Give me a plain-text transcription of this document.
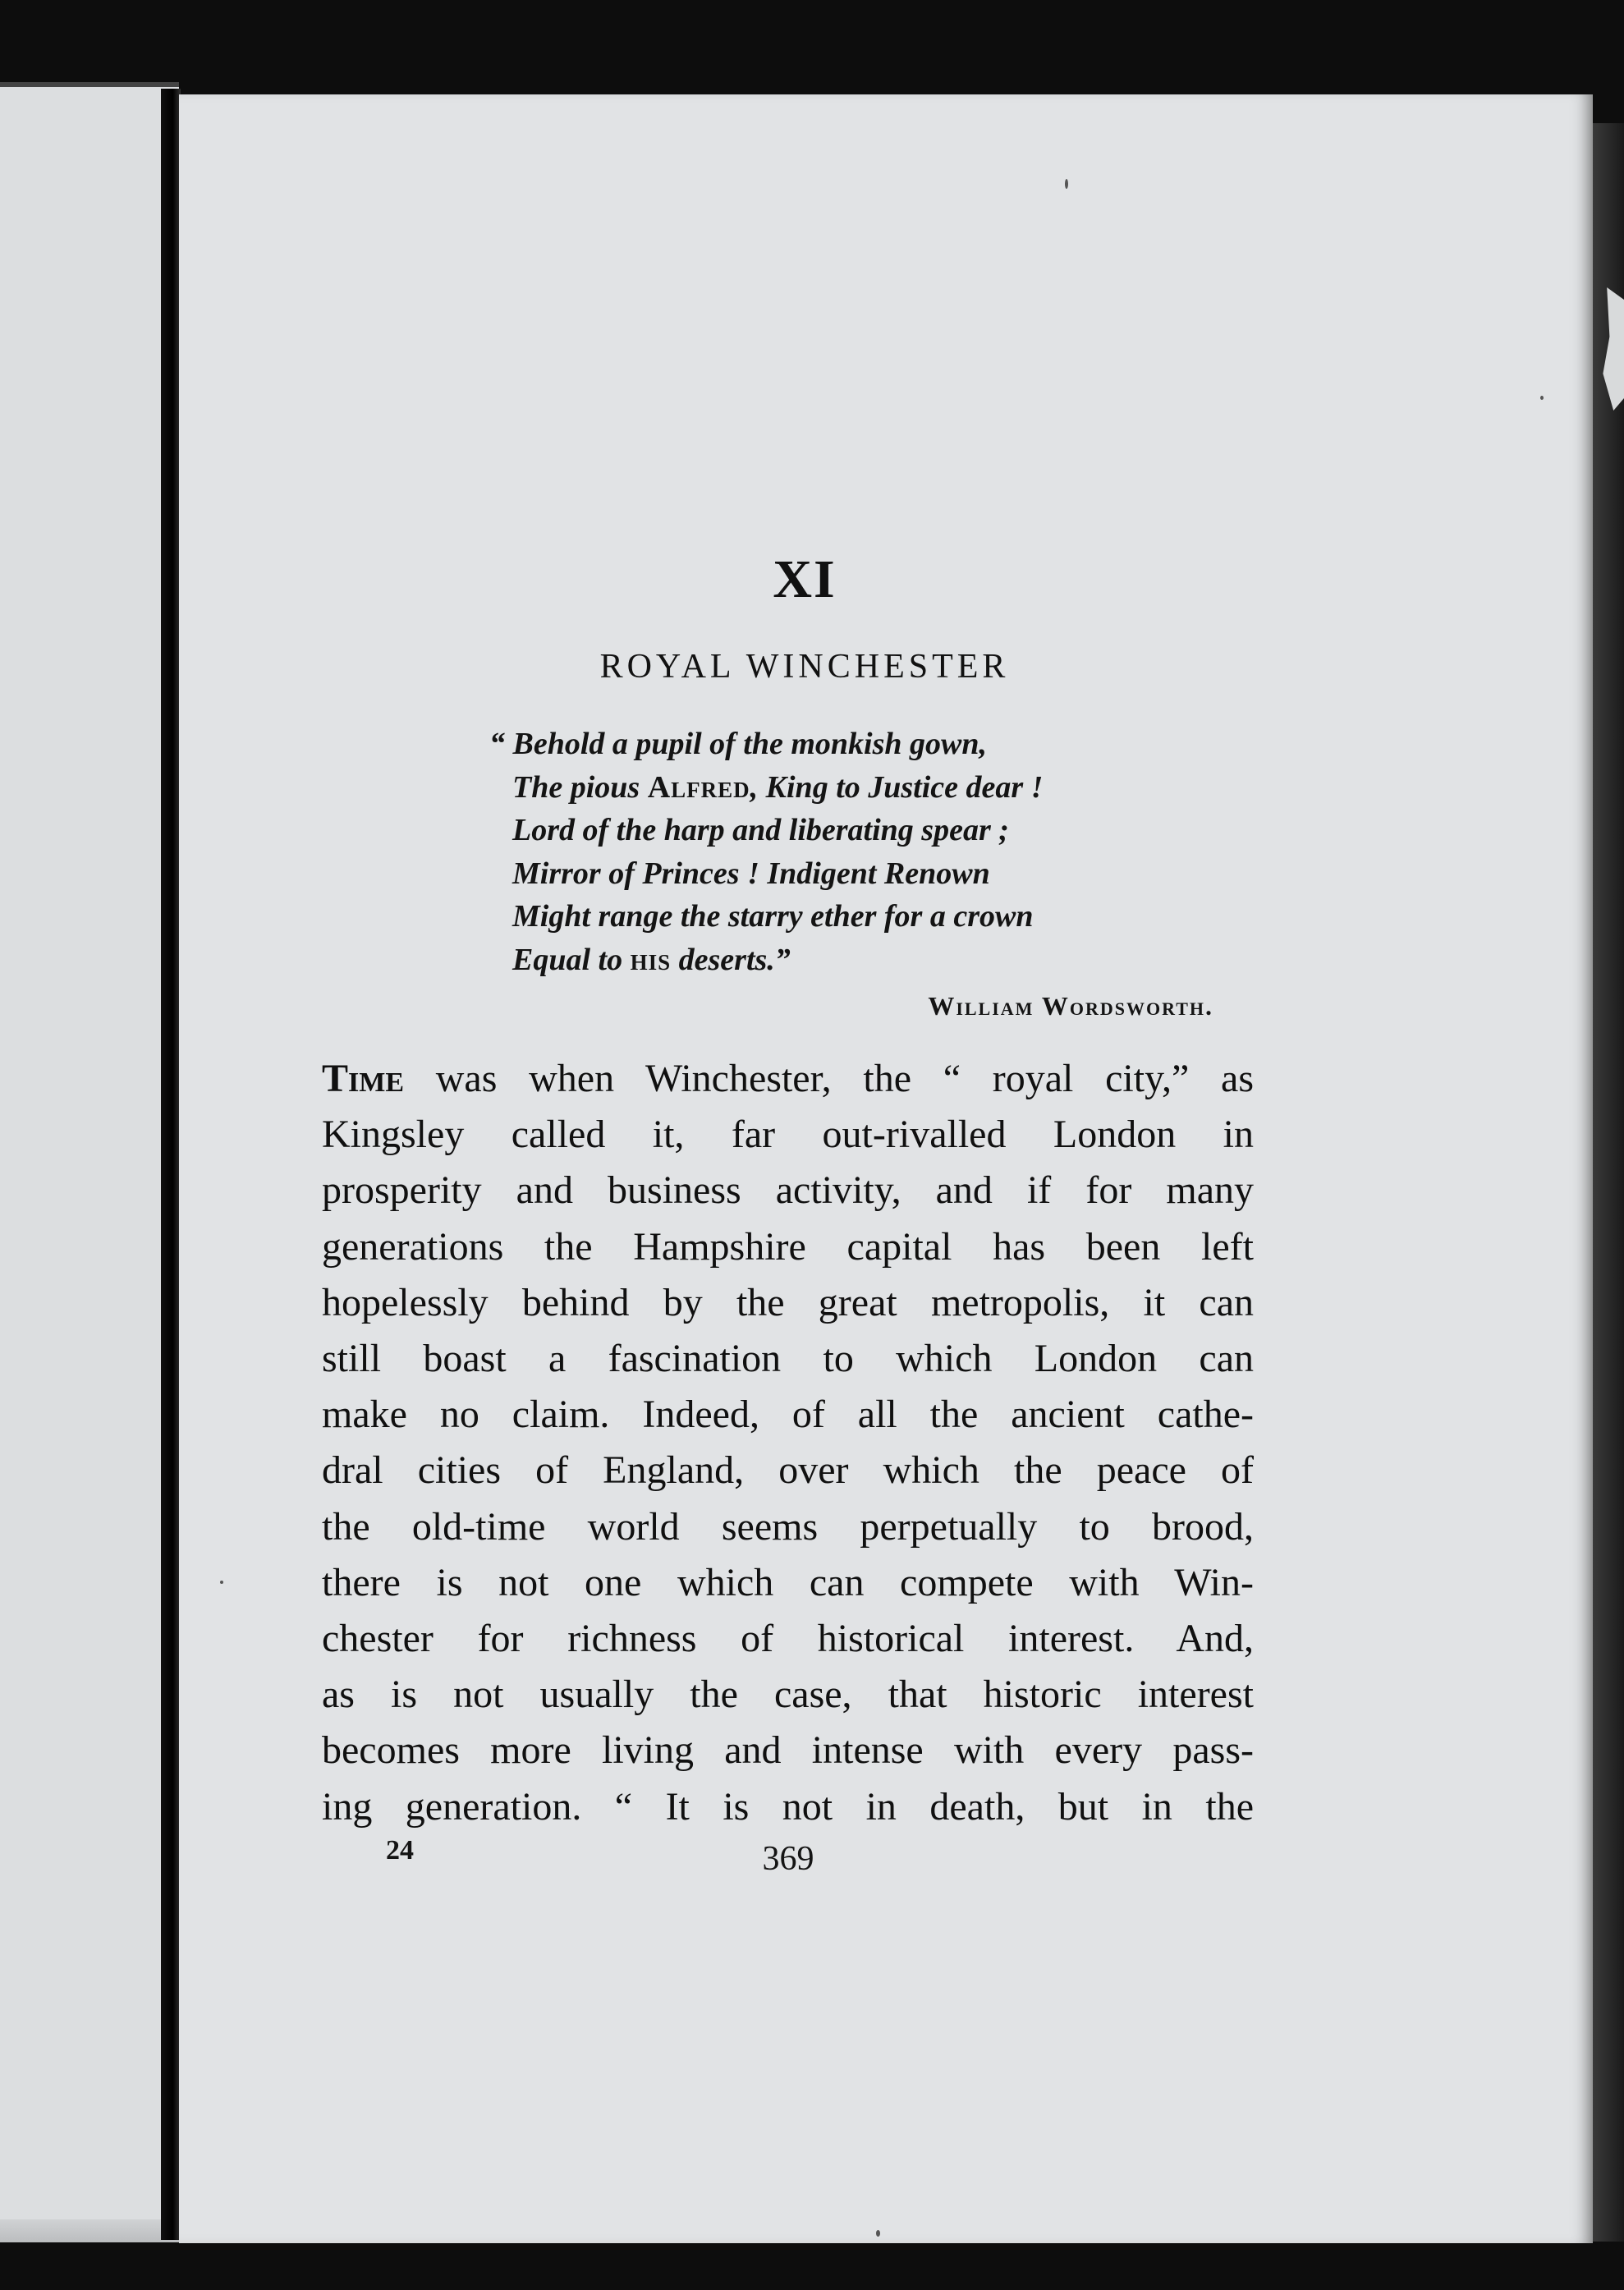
XI
ROYAL WINCHESTER
“ Behold a pupil of the monkish gown,
The pious Alfred, King to Justice dear !
Lord of the harp and liberating spear ;
Mirror of Princes ! Indigent Renown
Might range the starry ether for a crown
Equal to his deserts.”
William Wordsworth.
Time was when Winchester, the “ royal city,” as
Kingsley called it, far out-rivalled London in
prosperity and business activity, and if for many
generations the Hampshire capital has been left
hopelessly behind by the great metropolis, it can
still boast a fascination to which London can
make no claim. Indeed, of all the ancient cathe-
dral cities of England, over which the peace of
the old-time world seems perpetually to brood,
there is not one which can compete with Win-
chester for richness of historical interest. And,
as is not usually the case, that historic interest
becomes more living and intense with every pass-
ing generation. “ It is not in death, but in the
24	369
